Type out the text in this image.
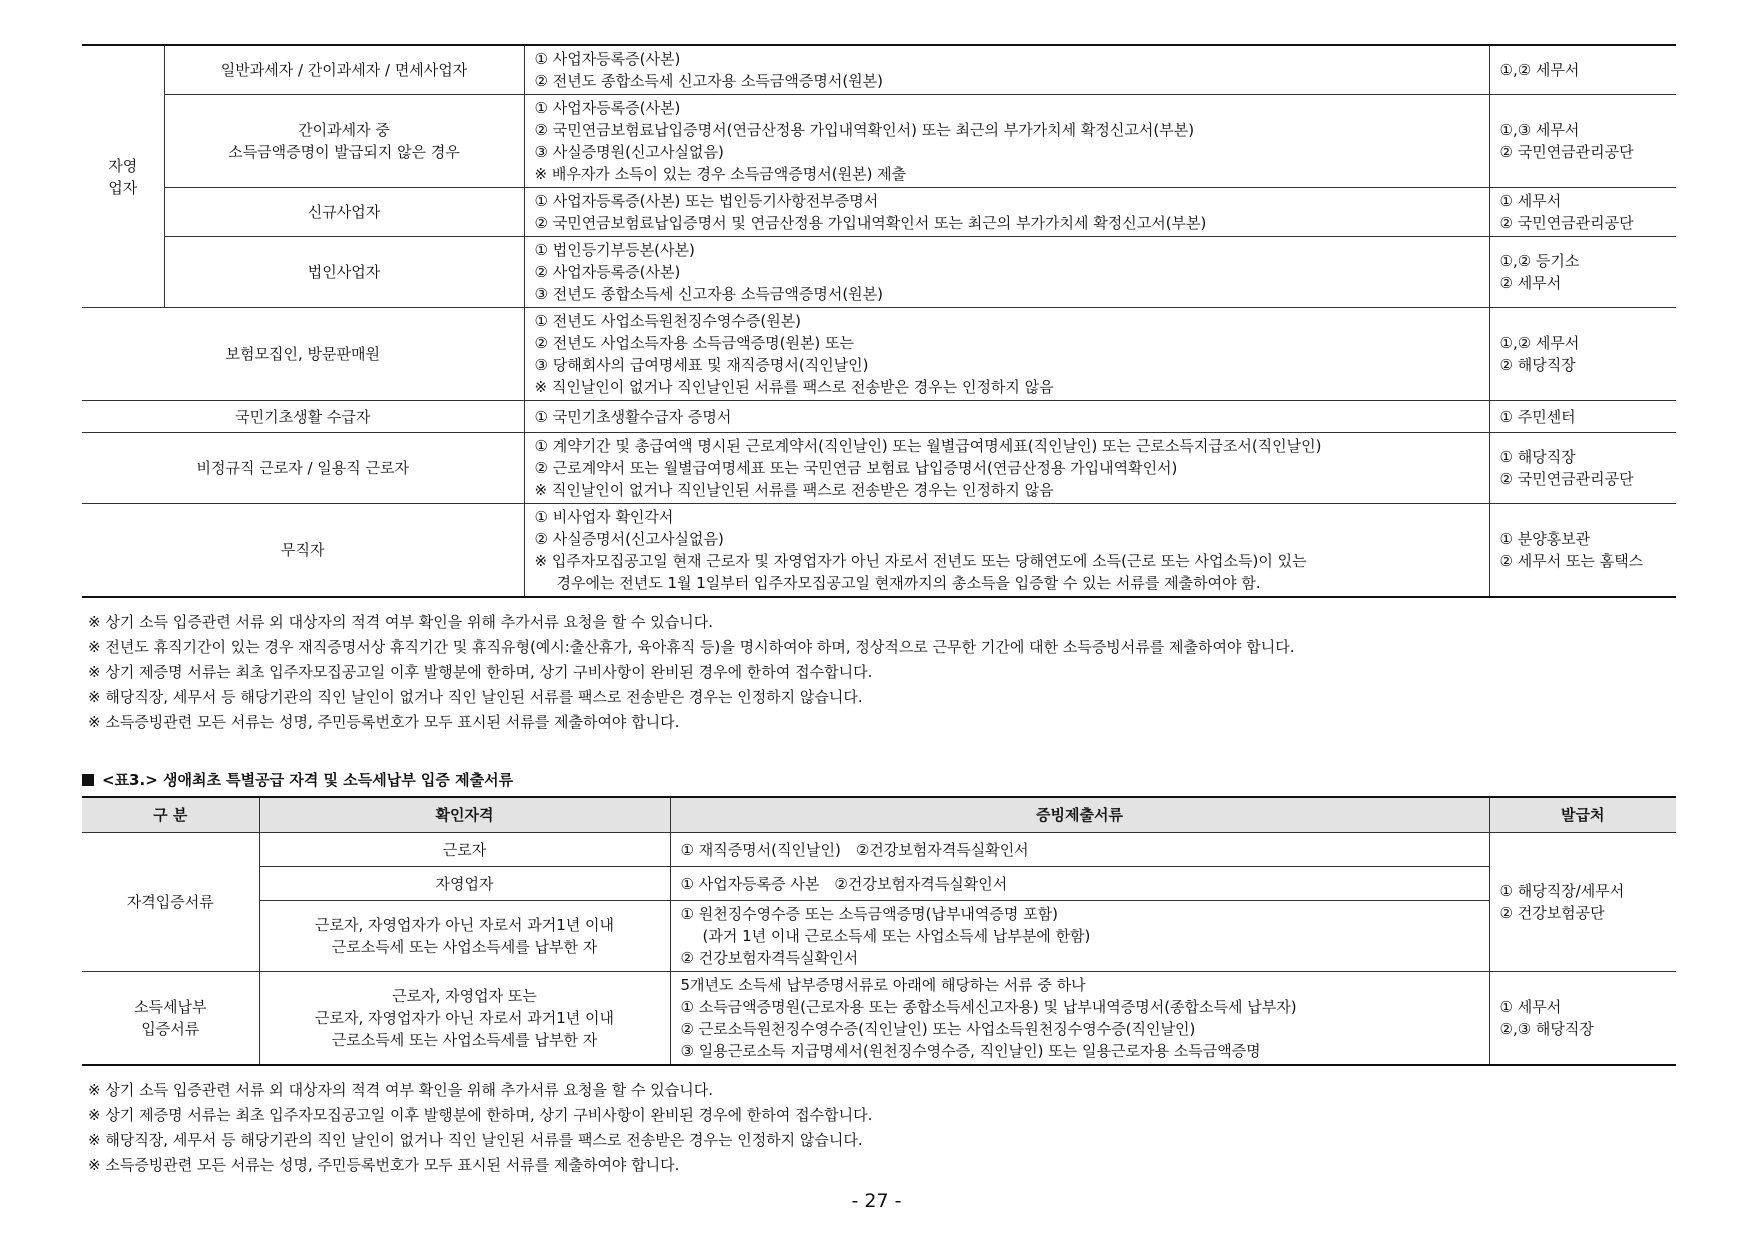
자영
업자	일반과세자 / 간이과세자 / 면세사업자	① 사업자등록증(사본)
② 전년도 종합소득세 신고자용 소득금액증명서(원본)	①,② 세무서

	간이과세자 중
소득금액증명이 발급되지 않은 경우	① 사업자등록증(사본)
② 국민연금보험료납입증명서(연금산정용 가입내역확인서) 또는 최근의 부가가치세 확정신고서(부본)
③ 사실증명원(신고사실없음)
※ 배우자가 소득이 있는 경우 소득금액증명서(원본) 제출	①,③ 세무서
② 국민연금관리공단

	신규사업자	① 사업자등록증(사본) 또는 법인등기사항전부증명서
② 국민연금보험료납입증명서 및 연금산정용 가입내역확인서 또는 최근의 부가가치세 확정신고서(부본)	① 세무서
② 국민연금관리공단

	법인사업자	① 법인등기부등본(사본)
② 사업자등록증(사본)
③ 전년도 종합소득세 신고자용 소득금액증명서(원본)	①,② 등기소
② 세무서

보험모집인, 방문판매원		① 전년도 사업소득원천징수영수증(원본)
② 전년도 사업소득자용 소득금액증명(원본) 또는
③ 당해회사의 급여명세표 및 재직증명서(직인날인)
※ 직인날인이 없거나 직인날인된 서류를 팩스로 전송받은 경우는 인정하지 않음	①,② 세무서
② 해당직장

국민기초생활 수급자		① 국민기초생활수급자 증명서	① 주민센터

비정규직 근로자 / 일용직 근로자		① 계약기간 및 총급여액 명시된 근로계약서(직인날인) 또는 월별급여명세표(직인날인) 또는 근로소득지급조서(직인날인)
② 근로계약서 또는 월별급여명세표 또는 국민연금 보험료 납입증명서(연금산정용 가입내역확인서)
※ 직인날인이 없거나 직인날인된 서류를 팩스로 전송받은 경우는 인정하지 않음	① 해당직장
② 국민연금관리공단

무직자		① 비사업자 확인각서
② 사실증명서(신고사실없음)
※ 입주자모집공고일 현재 근로자 및 자영업자가 아닌 자로서 전년도 또는 당해연도에 소득(근로 또는 사업소득)이 있는
경우에는 전년도 1월 1일부터 입주자모집공고일 현재까지의 총소득을 입증할 수 있는 서류를 제출하여야 함.	① 분양홍보관
② 세무서 또는 홈택스
※ 상기 소득 입증관련 서류 외 대상자의 적격 여부 확인을 위해 추가서류 요청을 할 수 있습니다.
※ 전년도 휴직기간이 있는 경우 재직증명서상 휴직기간 및 휴직유형(예시:출산휴가, 육아휴직 등)을 명시하여야 하며, 정상적으로 근무한 기간에 대한 소득증빙서류를 제출하여야 합니다.
※ 상기 제증명 서류는 최초 입주자모집공고일 이후 발행분에 한하며, 상기 구비사항이 완비된 경우에 한하여 접수합니다.
※ 해당직장, 세무서 등 해당기관의 직인 날인이 없거나 직인 날인된 서류를 팩스로 전송받은 경우는 인정하지 않습니다.
※ 소득증빙관련 모든 서류는 성명, 주민등록번호가 모두 표시된 서류를 제출하여야 합니다.
<표3.> 생애최초 특별공급 자격 및 소득세납부 입증 제출서류
구 분	확인자격	증빙제출서류	발급처
자격입증서류	근로자	① 재직증명서(직인날인)　②건강보험자격득실확인서	① 해당직장/세무서
② 건강보험공단

	자영업자	① 사업자등록증 사본　②건강보험자격득실확인서	

	근로자, 자영업자가 아닌 자로서 과거1년 이내
근로소득세 또는 사업소득세를 납부한 자	① 원천징수영수증 또는 소득금액증명(납부내역증명 포함)
(과거 1년 이내 근로소득세 또는 사업소득세 납부분에 한함)
② 건강보험자격득실확인서	

소득세납부
입증서류	근로자, 자영업자 또는
근로자, 자영업자가 아닌 자로서 과거1년 이내
근로소득세 또는 사업소득세를 납부한 자	5개년도 소득세 납부증명서류로 아래에 해당하는 서류 중 하나
① 소득금액증명원(근로자용 또는 종합소득세신고자용) 및 납부내역증명서(종합소득세 납부자)
② 근로소득원천징수영수증(직인날인) 또는 사업소득원천징수영수증(직인날인)
③ 일용근로소득 지급명세서(원천징수영수증, 직인날인) 또는 일용근로자용 소득금액증명	① 세무서
②,③ 해당직장
※ 상기 소득 입증관련 서류 외 대상자의 적격 여부 확인을 위해 추가서류 요청을 할 수 있습니다.
※ 상기 제증명 서류는 최초 입주자모집공고일 이후 발행분에 한하며, 상기 구비사항이 완비된 경우에 한하여 접수합니다.
※ 해당직장, 세무서 등 해당기관의 직인 날인이 없거나 직인 날인된 서류를 팩스로 전송받은 경우는 인정하지 않습니다.
※ 소득증빙관련 모든 서류는 성명, 주민등록번호가 모두 표시된 서류를 제출하여야 합니다.
- 27 -
